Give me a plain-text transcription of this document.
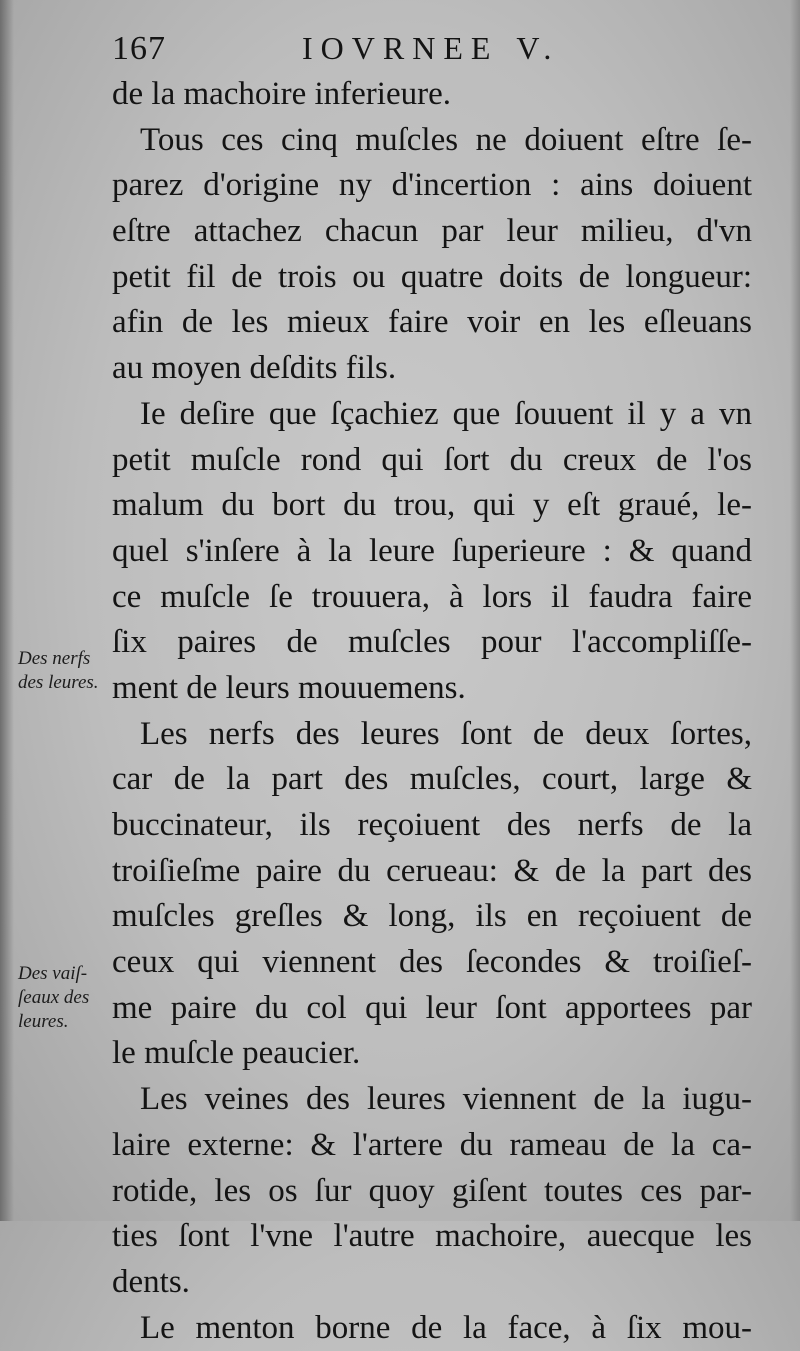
167	IOVRNEE V.
de la machoire inferieure.
Tous ces cinq muſcles ne doiuent eſtre ſe-
parez d'origine ny d'incertion : ains doiuent
eſtre attachez chacun par leur milieu, d'vn
petit fil de trois ou quatre doits de longueur:
afin de les mieux faire voir en les eſleuans
au moyen deſdits fils.
Ie deſire que ſçachiez que ſouuent il y a vn
petit muſcle rond qui ſort du creux de l'os
malum du bort du trou, qui y eſt graué, le-
quel s'inſere à la leure ſuperieure : & quand
ce muſcle ſe trouuera, à lors il faudra faire
ſix paires de muſcles pour l'accompliſſe-
ment de leurs mouuemens.
Les nerfs des leures ſont de deux ſortes,
car de la part des muſcles, court, large &
buccinateur, ils reçoiuent des nerfs de la
troiſieſme paire du cerueau: & de la part des
muſcles greſles & long, ils en reçoiuent de
ceux qui viennent des ſecondes & troiſieſ-
me paire du col qui leur ſont apportees par
le muſcle peaucier.
Les veines des leures viennent de la iugu-
laire externe: & l'artere du rameau de la ca-
rotide, les os ſur quoy giſent toutes ces par-
ties ſont l'vne l'autre machoire, auecque les
dents.
Le menton borne de la face, à ſix mou-
Des nerfs
des leures.
Des vaiſ-
ſeaux des
leures.
